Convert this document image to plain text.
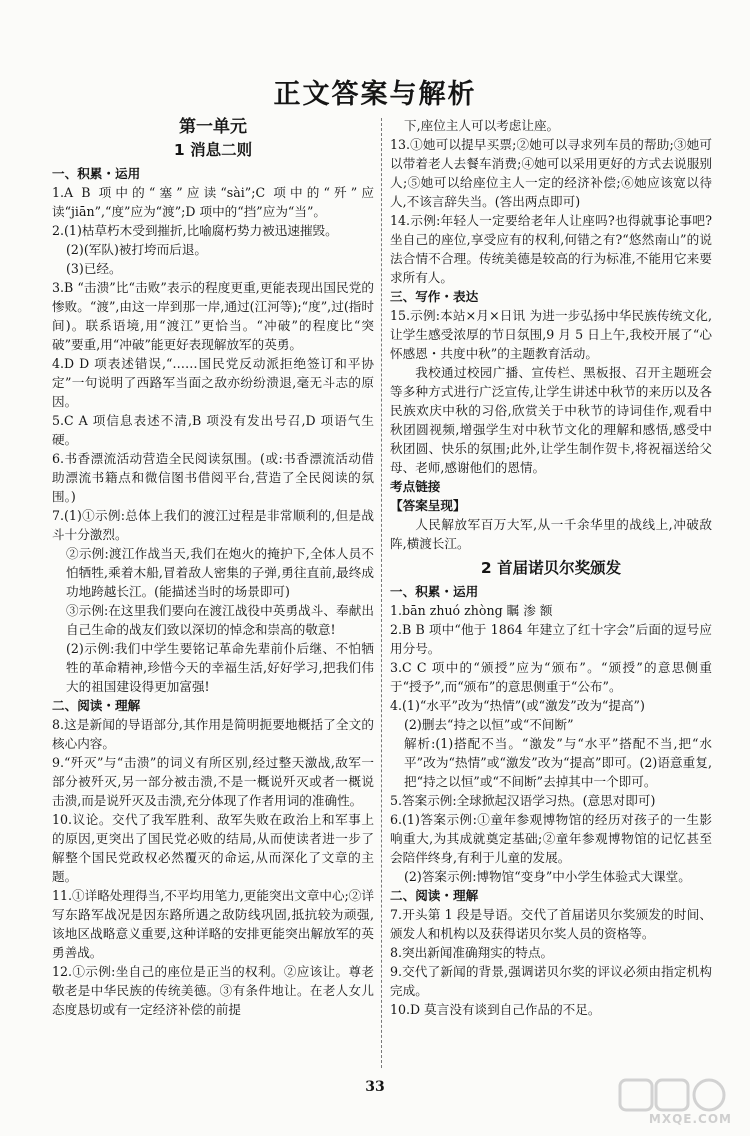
正文答案与解析
第一单元
1 消息二则
一、积累・运用
1.A B 项中的“塞”应读“sài”;C 项中的“歼”应读“jiān”,“度”应为“渡”;D 项中的“挡”应为“当”。
2.(1)枯草朽木受到摧折,比喻腐朽势力被迅速摧毁。
(2)(军队)被打垮而后退。
(3)已经。
3.B “击溃”比“击败”表示的程度更重,更能表现出国民党的惨败。“渡”,由这一岸到那一岸,通过(江河等);“度”,过(指时间)。联系语境,用“渡江”更恰当。“冲破”的程度比“突破”要重,用“冲破”能更好表现解放军的英勇。
4.D D 项表述错误,“……国民党反动派拒绝签订和平协定”一句说明了西路军当面之敌亦纷纷溃退,毫无斗志的原因。
5.C A 项信息表述不清,B 项没有发出号召,D 项语气生硬。
6.书香漂流活动营造全民阅读氛围。(或:书香漂流活动借助漂流书籍点和微信图书借阅平台,营造了全民阅读的氛围。)
7.(1)①示例:总体上我们的渡江过程是非常顺利的,但是战斗十分激烈。
②示例:渡江作战当天,我们在炮火的掩护下,全体人员不怕牺牲,乘着木船,冒着敌人密集的子弹,勇往直前,最终成功地跨越长江。(能描述当时的场景即可)
③示例:在这里我们要向在渡江战役中英勇战斗、奉献出自己生命的战友们致以深切的悼念和崇高的敬意!
(2)示例:我们中学生要铭记革命先辈前仆后继、不怕牺牲的革命精神,珍惜今天的幸福生活,好好学习,把我们伟大的祖国建设得更加富强!
二、阅读・理解
8.这是新闻的导语部分,其作用是简明扼要地概括了全文的核心内容。
9.“歼灭”与“击溃”的词义有所区别,经过整天激战,敌军一部分被歼灭,另一部分被击溃,不是一概说歼灭或者一概说击溃,而是说歼灭及击溃,充分体现了作者用词的准确性。
10.议论。交代了我军胜利、敌军失败在政治上和军事上的原因,更突出了国民党必败的结局,从而使读者进一步了解整个国民党政权必然覆灭的命运,从而深化了文章的主题。
11.①详略处理得当,不平均用笔力,更能突出文章中心;②详写东路军战况是因东路所遇之敌防线巩固,抵抗较为顽强,该地区战略意义重要,这种详略的安排更能突出解放军的英勇善战。
12.①示例:坐自己的座位是正当的权利。②应该让。尊老敬老是中华民族的传统美德。③有条件地让。在老人女儿态度恳切或有一定经济补偿的前提
下,座位主人可以考虑让座。
13.①她可以提早买票;②她可以寻求列车员的帮助;③她可以带着老人去餐车消费;④她可以采用更好的方式去说服别人;⑤她可以给座位主人一定的经济补偿;⑥她应该宽以待人,不该言辞失当。(答出两点即可)
14.示例:年轻人一定要给老年人让座吗?也得就事论事吧?坐自己的座位,享受应有的权利,何错之有?“悠然南山”的说法合情不合理。传统美德是较高的行为标准,不能用它来要求所有人。
三、写作・表达
15.示例:本站×月×日讯 为进一步弘扬中华民族传统文化,让学生感受浓厚的节日氛围,9 月 5 日上午,我校开展了“心怀感恩・共度中秋”的主题教育活动。
我校通过校园广播、宣传栏、黑板报、召开主题班会等多种方式进行广泛宣传,让学生讲述中秋节的来历以及各民族欢庆中秋的习俗,欣赏关于中秋节的诗词佳作,观看中秋团圆视频,增强学生对中秋节文化的理解和感悟,感受中秋团圆、快乐的氛围;此外,让学生制作贺卡,将祝福送给父母、老师,感谢他们的恩情。
考点链接
【答案呈现】
人民解放军百万大军,从一千余华里的战线上,冲破敌阵,横渡长江。
2 首届诺贝尔奖颁发
一、积累・运用
1.bān zhuó zhòng 瞩 渗 额
2.B B 项中“他于 1864 年建立了红十字会”后面的逗号应用分号。
3.C C 项中的“颁授”应为“颁布”。“颁授”的意思侧重于“授予”,而“颁布”的意思侧重于“公布”。
4.(1)“水平”改为“热情”(或“激发”改为“提高”)
(2)删去“持之以恒”或“不间断”
解析:(1)搭配不当。“激发”与“水平”搭配不当,把“水平”改为“热情”或“激发”改为“提高”即可。(2)语意重复,把“持之以恒”或“不间断”去掉其中一个即可。
5.答案示例:全球掀起汉语学习热。(意思对即可)
6.(1)答案示例:①童年参观博物馆的经历对孩子的一生影响重大,为其成就奠定基础;②童年参观博物馆的记忆甚至会陪伴终身,有利于儿童的发展。
(2)答案示例:博物馆“变身”中小学生体验式大课堂。
二、阅读・理解
7.开头第 1 段是导语。交代了首届诺贝尔奖颁发的时间、颁发人和机构以及获得诺贝尔奖人员的资格等。
8.突出新闻准确翔实的特点。
9.交代了新闻的背景,强调诺贝尔奖的评议必须由指定机构完成。
10.D 莫言没有谈到自己作品的不足。
33
MXQE.COM
